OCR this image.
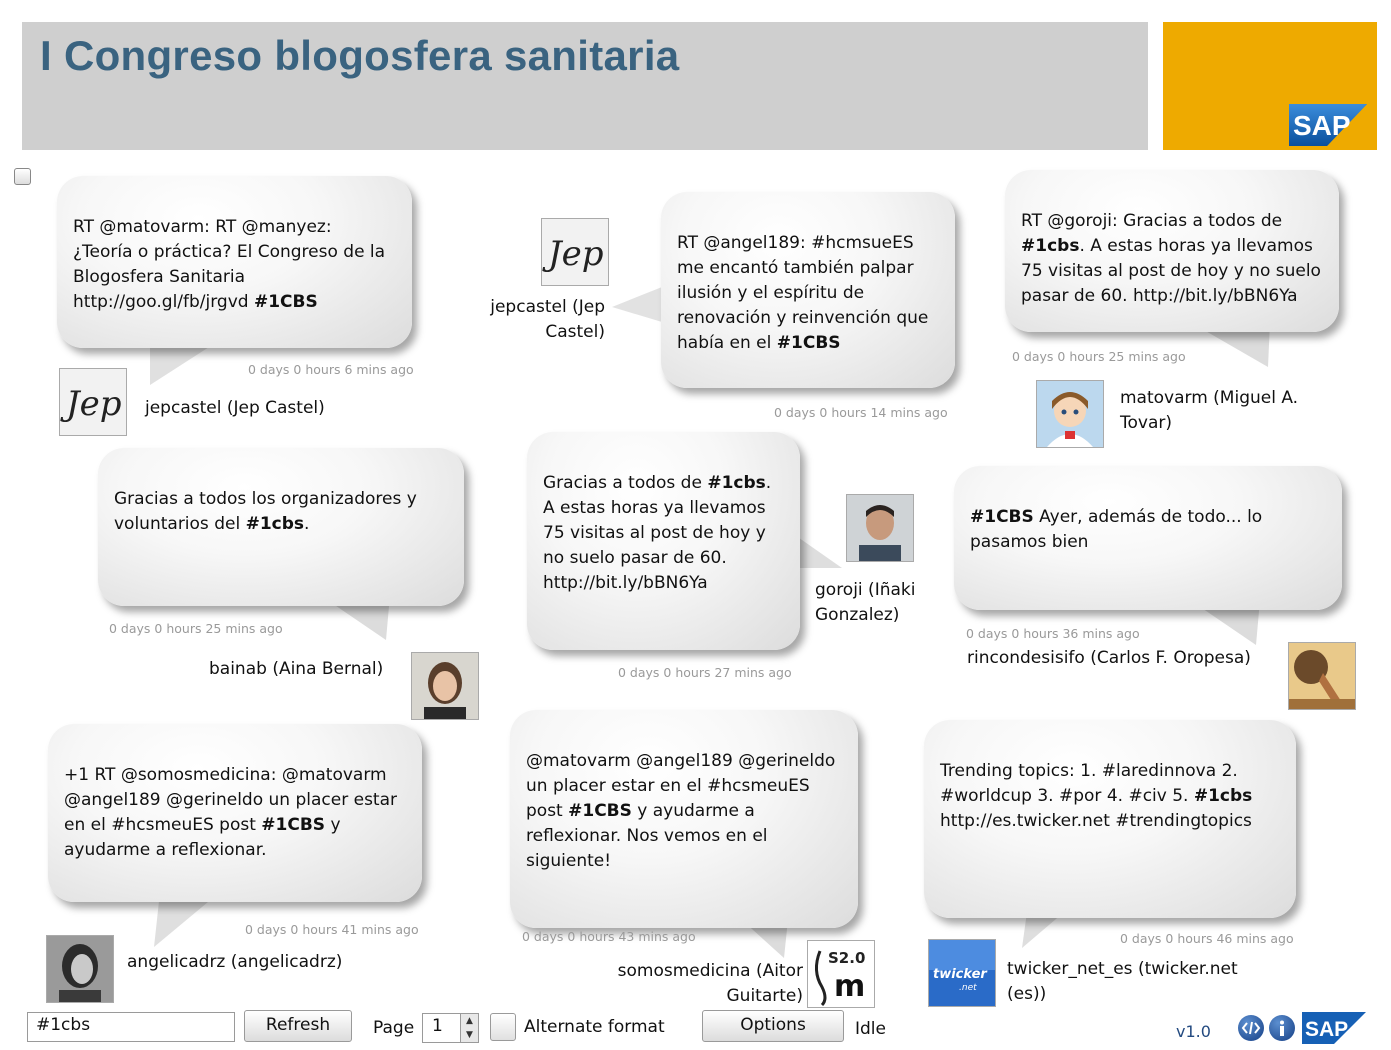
I Congreso blogosfera sanitaria
SAP

RT @matovarm: RT @manyez: ¿Teoría o práctica? El Congreso de la Blogosfera Sanitaria http://goo.gl/fb/jrgvd #1CBS

0 days 0 hours 6 mins ago
Jep jepcastel (Jep Castel)
Jep
jepcastel (Jep
Castel)

RT @angel189: #hcmsueES me encantó también palpar ilusión y el espíritu de renovación y reinvención que había en el #1CBS

0 days 0 hours 14 mins ago

RT @goroji: Gracias a todos de #1cbs. A estas horas ya llevamos 75 visitas al post de hoy y no suelo pasar de 60. http://bit.ly/bBN6Ya

0 days 0 hours 25 mins ago
matovarm (Miguel A.
Tovar)

Gracias a todos los organizadores y voluntarios del #1cbs.

0 days 0 hours 25 mins ago
bainab (Aina Bernal)

Gracias a todos de #1cbs. A estas horas ya llevamos 75 visitas al post de hoy y no suelo pasar de 60. http://bit.ly/bBN6Ya

0 days 0 hours 27 mins ago
goroji (Iñaki
Gonzalez)

#1CBS Ayer, además de todo... lo pasamos bien

0 days 0 hours 36 mins ago
rincondesisifo (Carlos F. Oropesa)

+1 RT @somosmedicina: @matovarm @angel189 @gerineldo un placer estar en el #hcsmeuES post #1CBS y ayudarme a reflexionar.

0 days 0 hours 41 mins ago
angelicadrz (angelicadrz)

@matovarm @angel189 @gerineldo un placer estar en el #hcsmeuES post #1CBS y ayudarme a reflexionar. Nos vemos en el siguiente!

0 days 0 hours 43 mins ago
somosmedicina (Aitor
Guitarte)
S2.0
m

Trending topics: 1. #laredinnova 2. #worldcup 3. #por 4. #civ 5. #1cbs http://es.twicker.net #trendingtopics

0 days 0 hours 46 mins ago
twicker
.net
twicker_net_es (twicker.net
(es))
#1cbs	Refresh	Page	1	▲
▼	Alternate format	Options	Idle	v1.0	SAP
